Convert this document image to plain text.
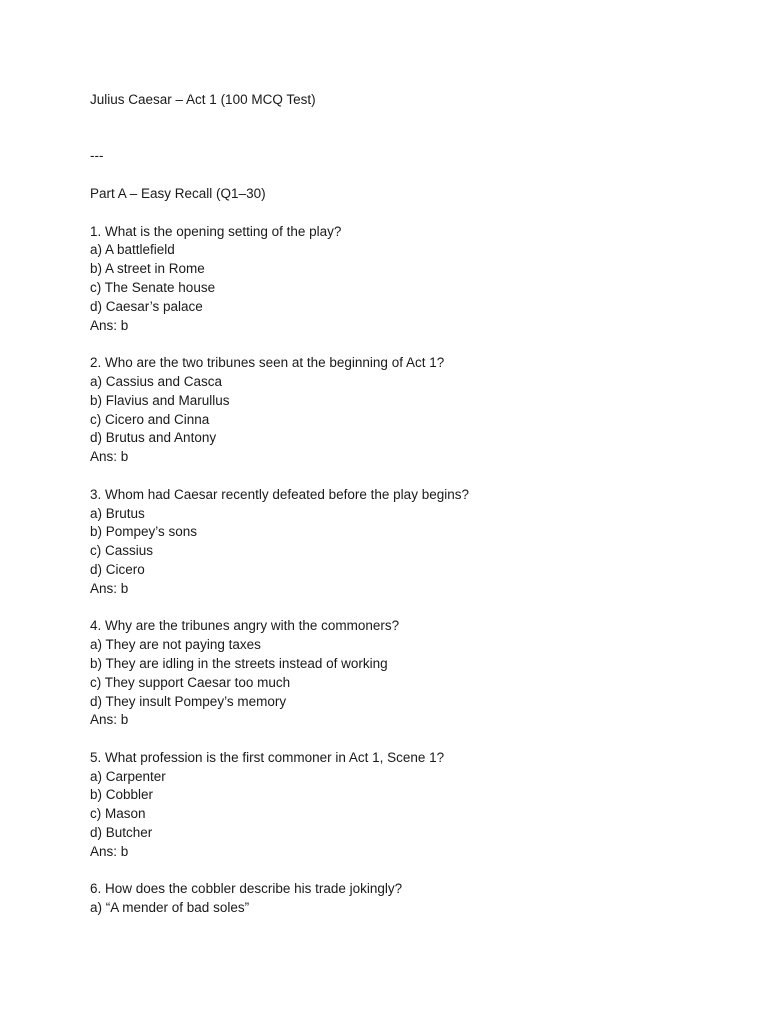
Julius Caesar – Act 1 (100 MCQ Test)
---
Part A – Easy Recall (Q1–30)
1. What is the opening setting of the play?
a) A battlefield
b) A street in Rome
c) The Senate house
d) Caesar’s palace
Ans: b
2. Who are the two tribunes seen at the beginning of Act 1?
a) Cassius and Casca
b) Flavius and Marullus
c) Cicero and Cinna
d) Brutus and Antony
Ans: b
3. Whom had Caesar recently defeated before the play begins?
a) Brutus
b) Pompey’s sons
c) Cassius
d) Cicero
Ans: b
4. Why are the tribunes angry with the commoners?
a) They are not paying taxes
b) They are idling in the streets instead of working
c) They support Caesar too much
d) They insult Pompey’s memory
Ans: b
5. What profession is the first commoner in Act 1, Scene 1?
a) Carpenter
b) Cobbler
c) Mason
d) Butcher
Ans: b
6. How does the cobbler describe his trade jokingly?
a) “A mender of bad soles”
